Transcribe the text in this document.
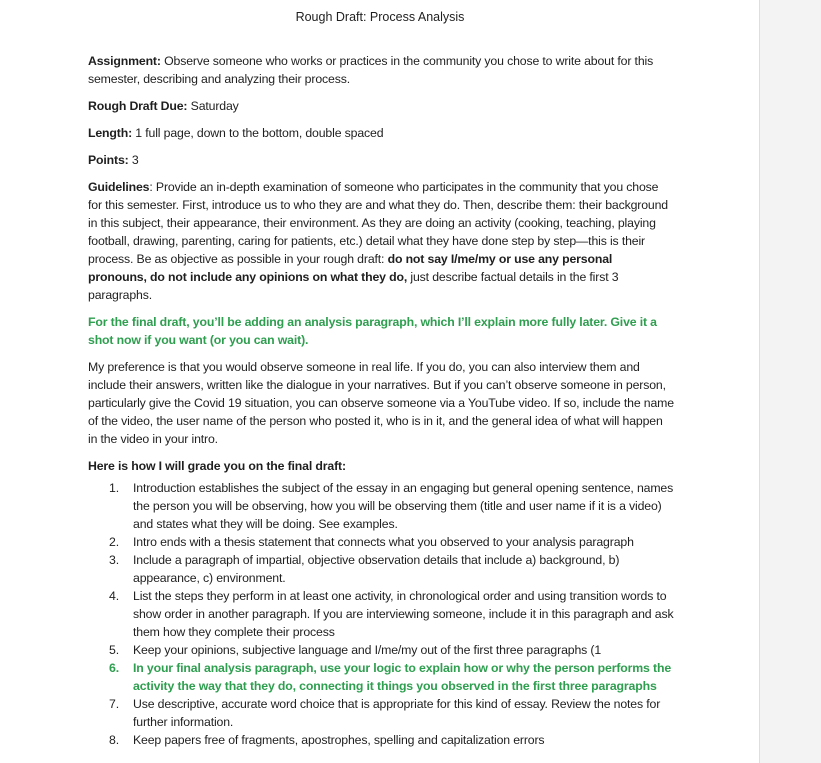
Rough Draft: Process Analysis

Assignment: Observe someone who works or practices in the community you chose to write about for this semester, describing and analyzing their process.

Rough Draft Due: Saturday

Length: 1 full page, down to the bottom, double spaced

Points: 3

Guidelines: Provide an in-depth examination of someone who participates in the community that you chose for this semester. First, introduce us to who they are and what they do. Then, describe them: their background in this subject, their appearance, their environment. As they are doing an activity (cooking, teaching, playing football, drawing, parenting, caring for patients, etc.) detail what they have done step by step—this is their process. Be as objective as possible in your rough draft: do not say I/me/my or use any personal pronouns, do not include any opinions on what they do, just describe factual details in the first 3 paragraphs.

For the final draft, you’ll be adding an analysis paragraph, which I’ll explain more fully later. Give it a shot now if you want (or you can wait).

My preference is that you would observe someone in real life. If you do, you can also interview them and include their answers, written like the dialogue in your narratives. But if you can’t observe someone in person, particularly give the Covid 19 situation, you can observe someone via a YouTube video. If so, include the name of the video, the user name of the person who posted it, who is in it, and the general idea of what will happen in the video in your intro.

Here is how I will grade you on the final draft:

1. Introduction establishes the subject of the essay in an engaging but general opening sentence, names the person you will be observing, how you will be observing them (title and user name if it is a video) and states what they will be doing. See examples.
2. Intro ends with a thesis statement that connects what you observed to your analysis paragraph
3. Include a paragraph of impartial, objective observation details that include a) background, b) appearance, c) environment.
4. List the steps they perform in at least one activity, in chronological order and using transition words to show order in another paragraph. If you are interviewing someone, include it in this paragraph and ask them how they complete their process
5. Keep your opinions, subjective language and I/me/my out of the first three paragraphs (1
6. In your final analysis paragraph, use your logic to explain how or why the person performs the activity the way that they do, connecting it things you observed in the first three paragraphs
7. Use descriptive, accurate word choice that is appropriate for this kind of essay. Review the notes for further information.
8. Keep papers free of fragments, apostrophes, spelling and capitalization errors
